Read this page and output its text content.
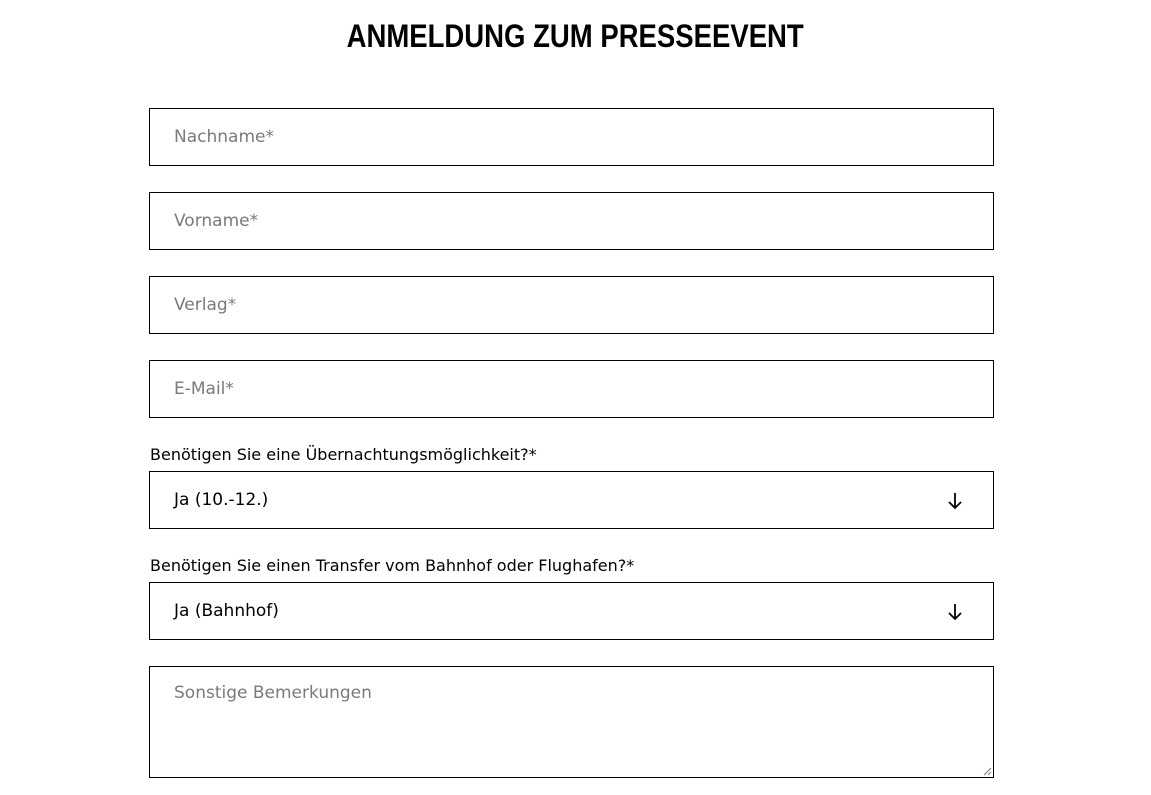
ANMELDUNG ZUM PRESSEEVENT
Nachname*
Vorname*
Verlag*
E-Mail*
Benötigen Sie eine Übernachtungsmöglichkeit?*
Ja (10.-12.)
Benötigen Sie einen Transfer vom Bahnhof oder Flughafen?*
Ja (Bahnhof)
Sonstige Bemerkungen
